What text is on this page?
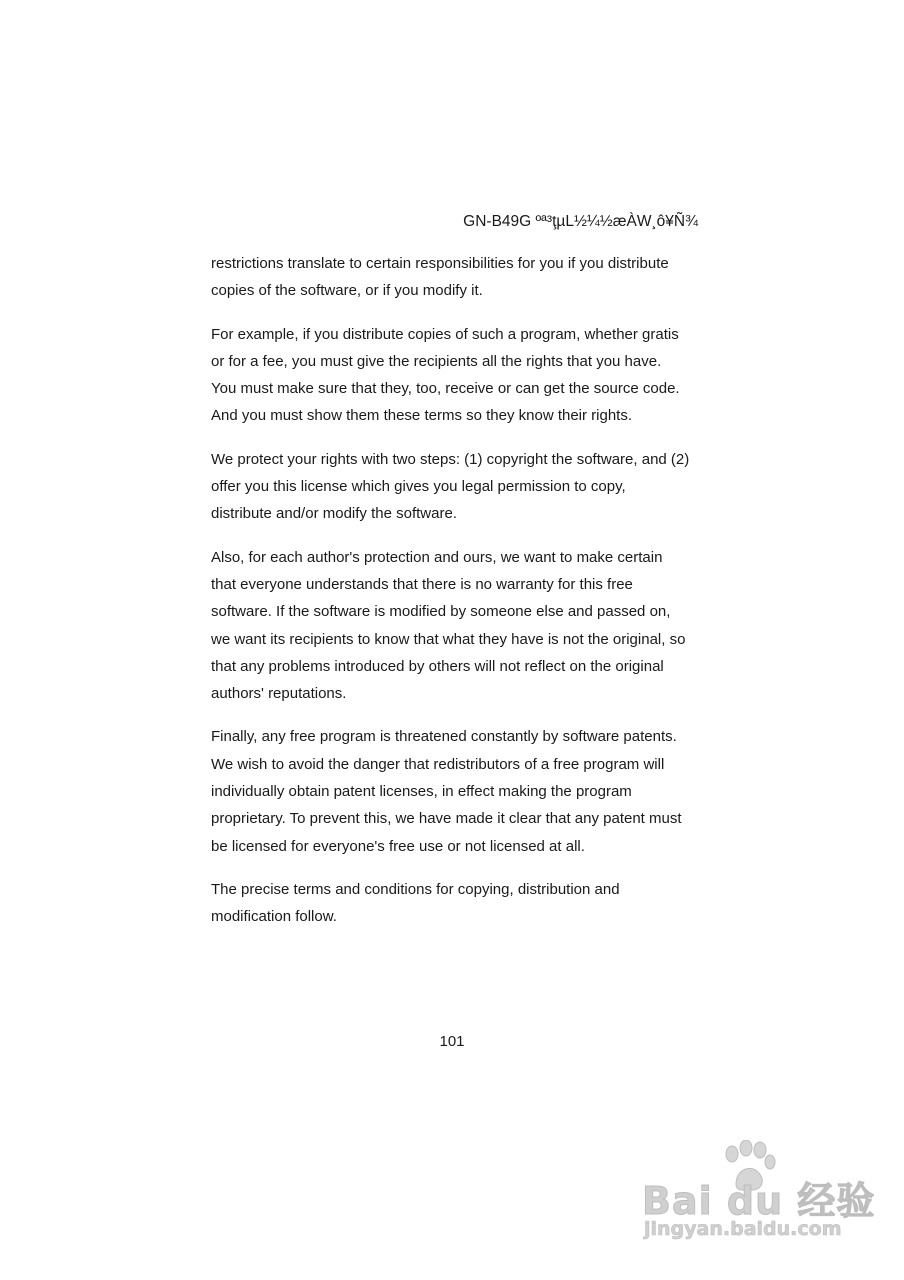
GN-B49G ºª³ţµL½¼½æÀW¸ô¥Ñ¾

restrictions translate to certain responsibilities for you if you distribute
copies of the software, or if you modify it.

For example, if you distribute copies of such a program, whether gratis
or for a fee, you must give the recipients all the rights that you have.
You must make sure that they, too, receive or can get the source code.
And you must show them these terms so they know their rights.

We protect your rights with two steps: (1) copyright the software, and (2)
offer you this license which gives you legal permission to copy,
distribute and/or modify the software.

Also, for each author's protection and ours, we want to make certain
that everyone understands that there is no warranty for this free
software. If the software is modified by someone else and passed on,
we want its recipients to know that what they have is not the original, so
that any problems introduced by others will not reflect on the original
authors' reputations.

Finally, any free program is threatened constantly by software patents.
We wish to avoid the danger that redistributors of a free program will
individually obtain patent licenses, in effect making the program
proprietary. To prevent this, we have made it clear that any patent must
be licensed for everyone's free use or not licensed at all.

The precise terms and conditions for copying, distribution and
modification follow.

101
Bai du 经验
jingyan.baidu.com
